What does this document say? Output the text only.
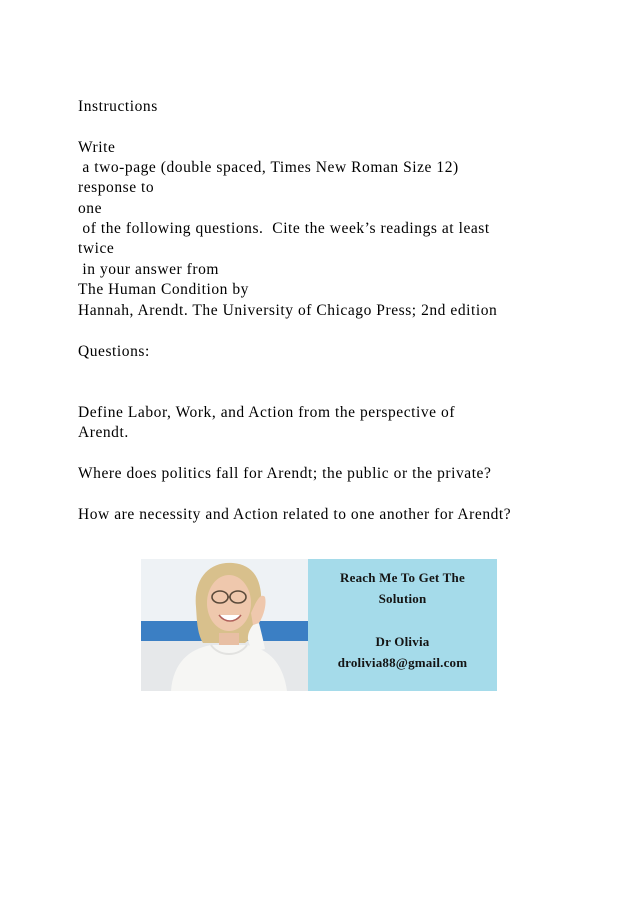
Instructions
Write
a two-page (double spaced, Times New Roman Size 12)
response to
one
of the following questions.  Cite the week’s readings at least
twice
in your answer from
The Human Condition by
Hannah, Arendt. The University of Chicago Press; 2nd edition
Questions:
Define Labor, Work, and Action from the perspective of
Arendt.
Where does politics fall for Arendt; the public or the private?
How are necessity and Action related to one another for Arendt?
Reach Me To Get The
Solution
Dr Olivia
drolivia88@gmail.com
